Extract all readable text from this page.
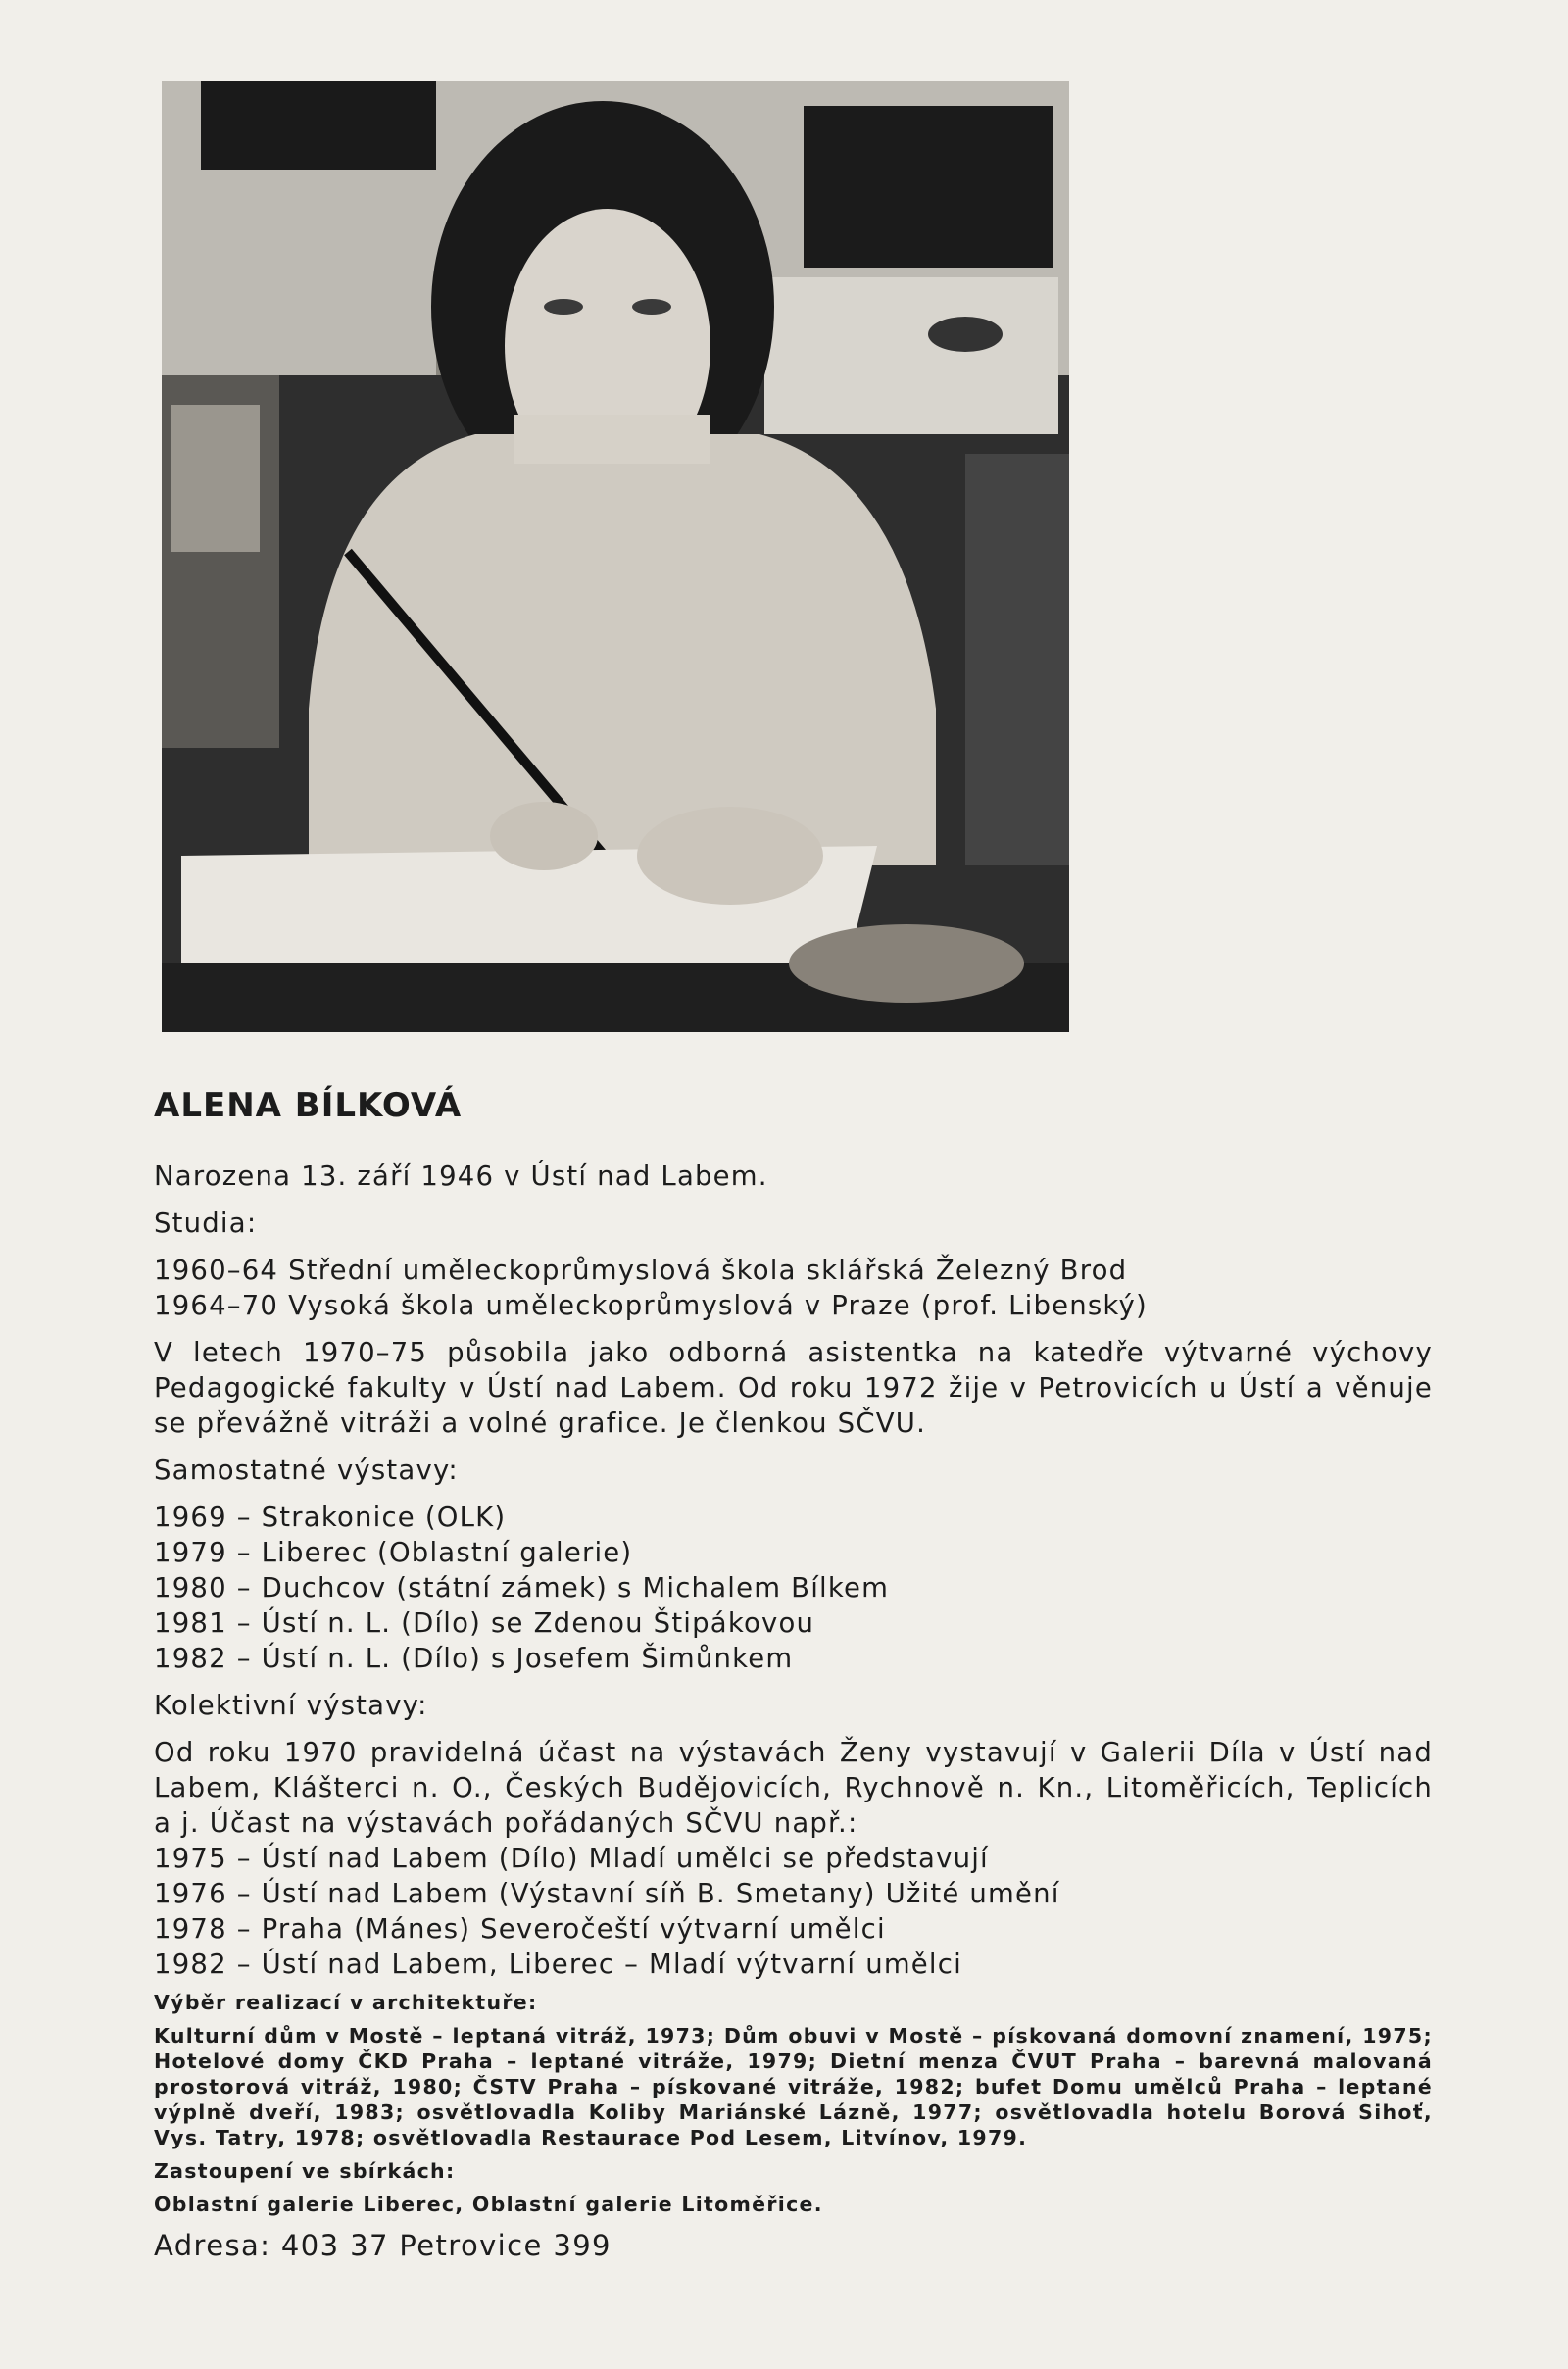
ALENA BÍLKOVÁ
Narozena 13. září 1946 v Ústí nad Labem.
Studia:
1960–64 Střední uměleckoprůmyslová škola sklářská Železný Brod
1964–70 Vysoká škola uměleckoprůmyslová v Praze (prof. Libenský)
V letech 1970–75 působila jako odborná asistentka na katedře výtvarné výchovy Pedagogické fakulty v Ústí nad Labem. Od roku 1972 žije v Petrovicích u Ústí a věnuje se převážně vitráži a volné grafice. Je členkou SČVU.
Samostatné výstavy:
1969 – Strakonice (OLK)
1979 – Liberec (Oblastní galerie)
1980 – Duchcov (státní zámek) s Michalem Bílkem
1981 – Ústí n. L. (Dílo) se Zdenou Štipákovou
1982 – Ústí n. L. (Dílo) s Josefem Šimůnkem
Kolektivní výstavy:
Od roku 1970 pravidelná účast na výstavách Ženy vystavují v Galerii Díla v Ústí nad Labem, Klášterci n. O., Českých Budějovicích, Rychnově n. Kn., Litoměřicích, Teplicích a j. Účast na výstavách pořádaných SČVU např.:
1975 – Ústí nad Labem (Dílo) Mladí umělci se představují
1976 – Ústí nad Labem (Výstavní síň B. Smetany) Užité umění
1978 – Praha (Mánes) Severočeští výtvarní umělci
1982 – Ústí nad Labem, Liberec – Mladí výtvarní umělci
Výběr realizací v architektuře:
Kulturní dům v Mostě – leptaná vitráž, 1973; Dům obuvi v Mostě – pískovaná domovní znamení, 1975; Hotelové domy ČKD Praha – leptané vitráže, 1979; Dietní menza ČVUT Praha – barevná malovaná prostorová vitráž, 1980; ČSTV Praha – pískované vitráže, 1982; bufet Domu umělců Praha – leptané výplně dveří, 1983; osvětlovadla Koliby Mariánské Lázně, 1977; osvětlovadla hotelu Borová Sihoť, Vys. Tatry, 1978; osvětlovadla Restaurace Pod Lesem, Litvínov, 1979.
Zastoupení ve sbírkách:
Oblastní galerie Liberec, Oblastní galerie Litoměřice.
Adresa: 403 37 Petrovice 399
